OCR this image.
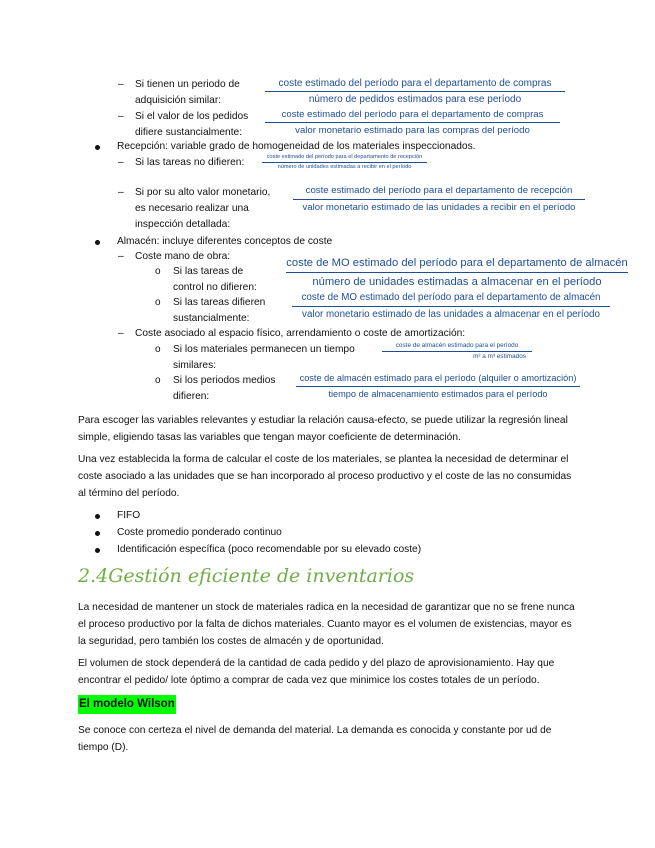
– Si tienen un periodo de
adquisición similar:
coste estimado del período para el departamento de compras
número de pedidos estimados para ese período
– Si el valor de los pedidos
difiere sustancialmente:
coste estimado del período para el departamento de compras
valor monetario estimado para las compras del período
Recepción: variable grado de homogeneidad de los materiales inspeccionados.
– Si las tareas no difieren:	coste estimado del período para el departamento de recepción
número de unidades estimadas a recibir en el período
– Si por su alto valor monetario,
es necesario realizar una
inspección detallada:
coste estimado del período para el departamento de recepción
valor monetario estimado de las unidades a recibir en el período
Almacén: incluye diferentes conceptos de coste
– Coste mano de obra:
o Si las tareas de
control no difieren:
coste de MO estimado del período para el departamento de almacén
número de unidades estimadas a almacenar en el período
o Si las tareas difieren
sustancialmente:
coste de MO estimado del período para el departamento de almacén
valor monetario estimado de las unidades a almacenar en el período
– Coste asociado al espacio físico, arrendamiento o coste de amortización:
o Si los materiales permanecen un tiempo
similares:
coste de almacén estimado para el período
m² a m³ estimados
o Si los periodos medios
difieren:
coste de almacén estimado para el período (alquiler o amortización)
tiempo de almacenamiento estimados para el período
Para escoger las variables relevantes y estudiar la relación causa-efecto, se puede utilizar la regresión lineal simple, eligiendo tasas las variables que tengan mayor coeficiente de determinación.
Una vez establecida la forma de calcular el coste de los materiales, se plantea la necesidad de determinar el coste asociado a las unidades que se han incorporado al proceso productivo y el coste de las no consumidas al término del período.
FIFO
Coste promedio ponderado continuo
Identificación específica (poco recomendable por su elevado coste)
2.4Gestión eficiente de inventarios
La necesidad de mantener un stock de materiales radica en la necesidad de garantizar que no se frene nunca el proceso productivo por la falta de dichos materiales. Cuanto mayor es el volumen de existencias, mayor es la seguridad, pero también los costes de almacén y de oportunidad.
El volumen de stock dependerá de la cantidad de cada pedido y del plazo de aprovisionamiento. Hay que encontrar el pedido/ lote óptimo a comprar de cada vez que minimice los costes totales de un período.
El modelo Wilson
Se conoce con certeza el nivel de demanda del material. La demanda es conocida y constante por ud de tiempo (D).
